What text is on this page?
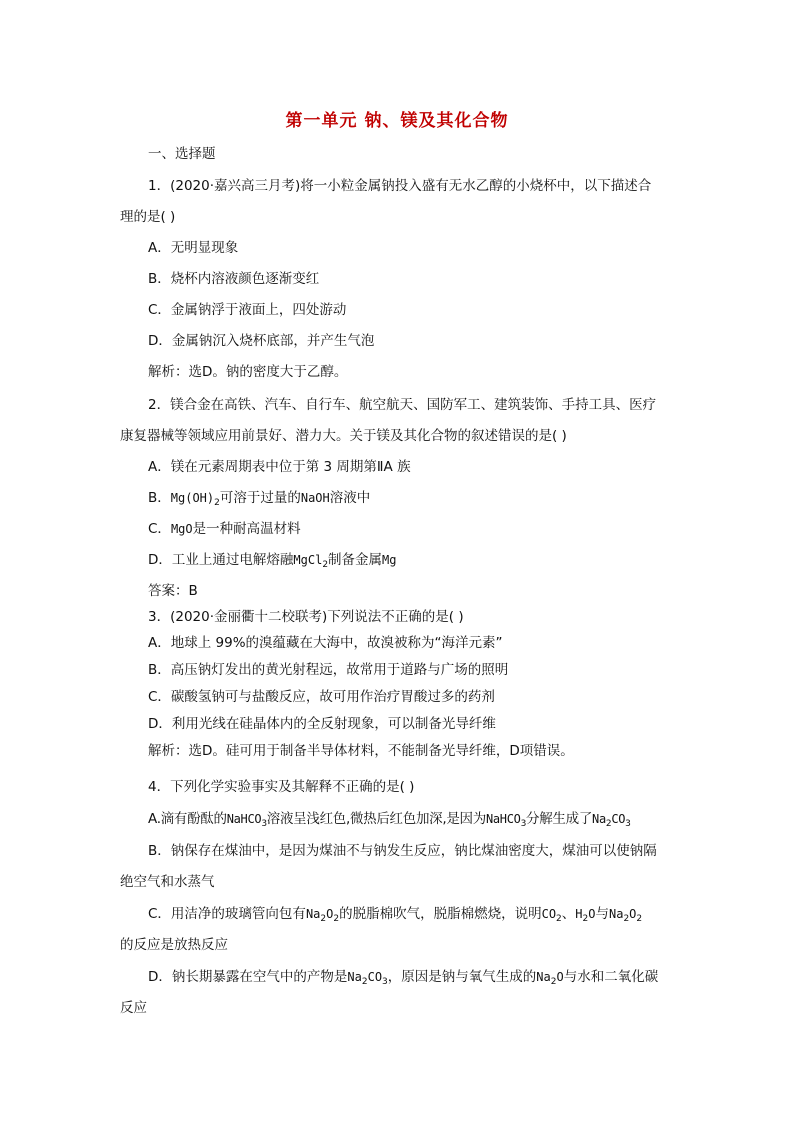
第一单元 钠、镁及其化合物
一、选择题
1．(2020·嘉兴高三月考)将一小粒金属钠投入盛有无水乙醇的小烧杯中，以下描述合
理的是( )
A．无明显现象
B．烧杯内溶液颜色逐渐变红
C．金属钠浮于液面上，四处游动
D．金属钠沉入烧杯底部，并产生气泡
解析：选D。钠的密度大于乙醇。
2．镁合金在高铁、汽车、自行车、航空航天、国防军工、建筑装饰、手持工具、医疗
康复器械等领域应用前景好、潜力大。关于镁及其化合物的叙述错误的是( )
A．镁在元素周期表中位于第 3 周期第ⅡA 族
B．$Mg(OH)_2$可溶于过量的NaOH溶液中
C．MgO是一种耐高温材料
D．工业上通过电解熔融MgCl$_2$制备金属Mg
答案：B
3．(2020·金丽衢十二校联考)下列说法不正确的是( )
A．地球上 99%的溴蕴藏在大海中，故溴被称为“海洋元素”
B．高压钠灯发出的黄光射程远，故常用于道路与广场的照明
C．碳酸氢钠可与盐酸反应，故可用作治疗胃酸过多的药剂
D．利用光线在硅晶体内的全反射现象，可以制备光导纤维
解析：选D。硅可用于制备半导体材料，不能制备光导纤维，D项错误。
4．下列化学实验事实及其解释不正确的是( )
A.滴有酚酞的NaHCO$_3$溶液呈浅红色,微热后红色加深,是因为NaHCO$_3$分解生成了$Na_2CO_3$
B．钠保存在煤油中，是因为煤油不与钠发生反应，钠比煤油密度大，煤油可以使钠隔
绝空气和水蒸气
C．用洁净的玻璃管向包有$Na_2O_2$的脱脂棉吹气，脱脂棉燃烧，说明$CO_2$、$H_2O$与$Na_2O_2$
的反应是放热反应
D．钠长期暴露在空气中的产物是$Na_2CO_3$，原因是钠与氧气生成的$Na_2O$与水和二氧化碳
反应
